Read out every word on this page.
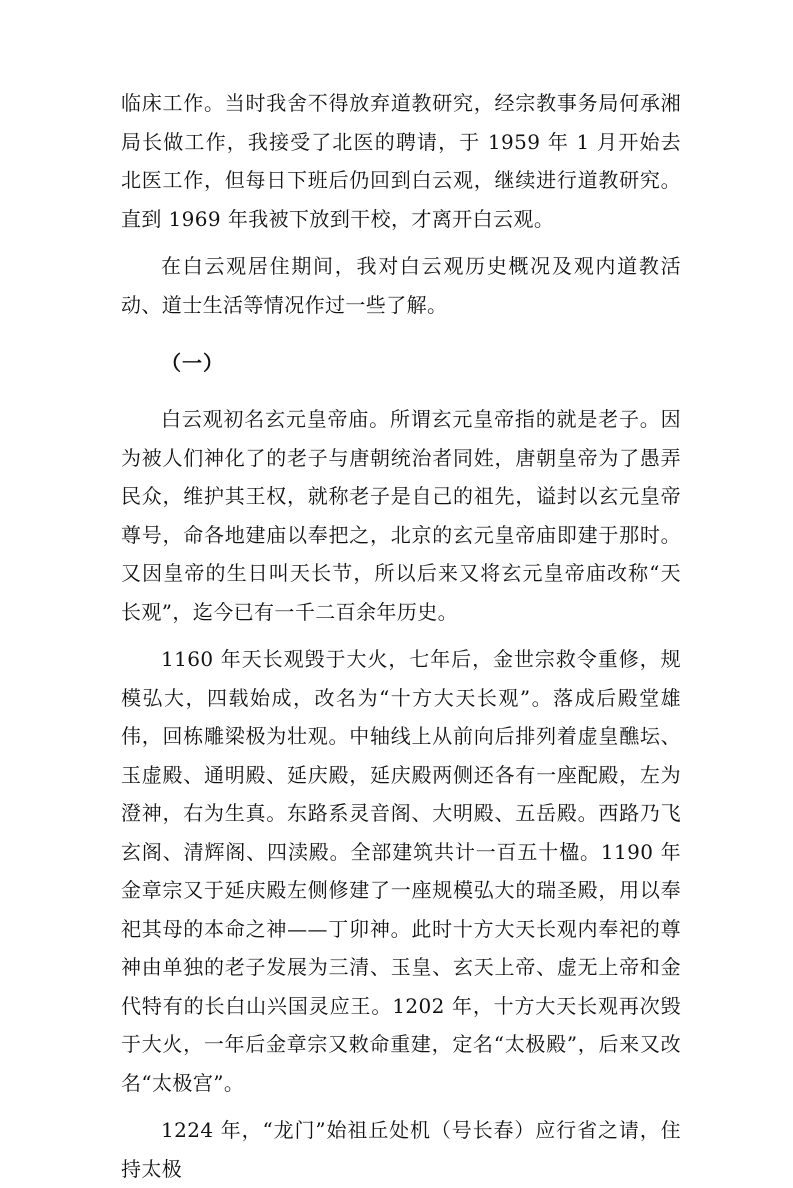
临床工作。当时我舍不得放弃道教研究，经宗教事务局何承湘局长做工作，我接受了北医的聘请，于 1959 年 1 月开始去北医工作，但每日下班后仍回到白云观，继续进行道教研究。直到 1969 年我被下放到干校，才离开白云观。

在白云观居住期间，我对白云观历史概况及观内道教活动、道士生活等情况作过一些了解。

（一）

白云观初名玄元皇帝庙。所谓玄元皇帝指的就是老子。因为被人们神化了的老子与唐朝统治者同姓，唐朝皇帝为了愚弄民众，维护其王权，就称老子是自己的祖先，谥封以玄元皇帝尊号，命各地建庙以奉把之，北京的玄元皇帝庙即建于那时。又因皇帝的生日叫天长节，所以后来又将玄元皇帝庙改称“天长观”，迄今已有一千二百余年历史。

1160 年天长观毁于大火，七年后，金世宗救令重修，规模弘大，四载始成，改名为“十方大天长观”。落成后殿堂雄伟，回栋雕梁极为壮观。中轴线上从前向后排列着虚皇醮坛、玉虚殿、通明殿、延庆殿，延庆殿两侧还各有一座配殿，左为澄神，右为生真。东路系灵音阁、大明殿、五岳殿。西路乃飞玄阁、清辉阁、四渎殿。全部建筑共计一百五十楹。1190 年金章宗又于延庆殿左侧修建了一座规模弘大的瑞圣殿，用以奉祀其母的本命之神——丁卯神。此时十方大天长观内奉祀的尊神由单独的老子发展为三清、玉皇、玄天上帝、虚无上帝和金代特有的长白山兴国灵应王。1202 年，十方大天长观再次毁于大火，一年后金章宗又敕命重建，定名“太极殿”，后来又改名“太极宫”。

1224 年，“龙门”始祖丘处机（号长春）应行省之请，住持太极
